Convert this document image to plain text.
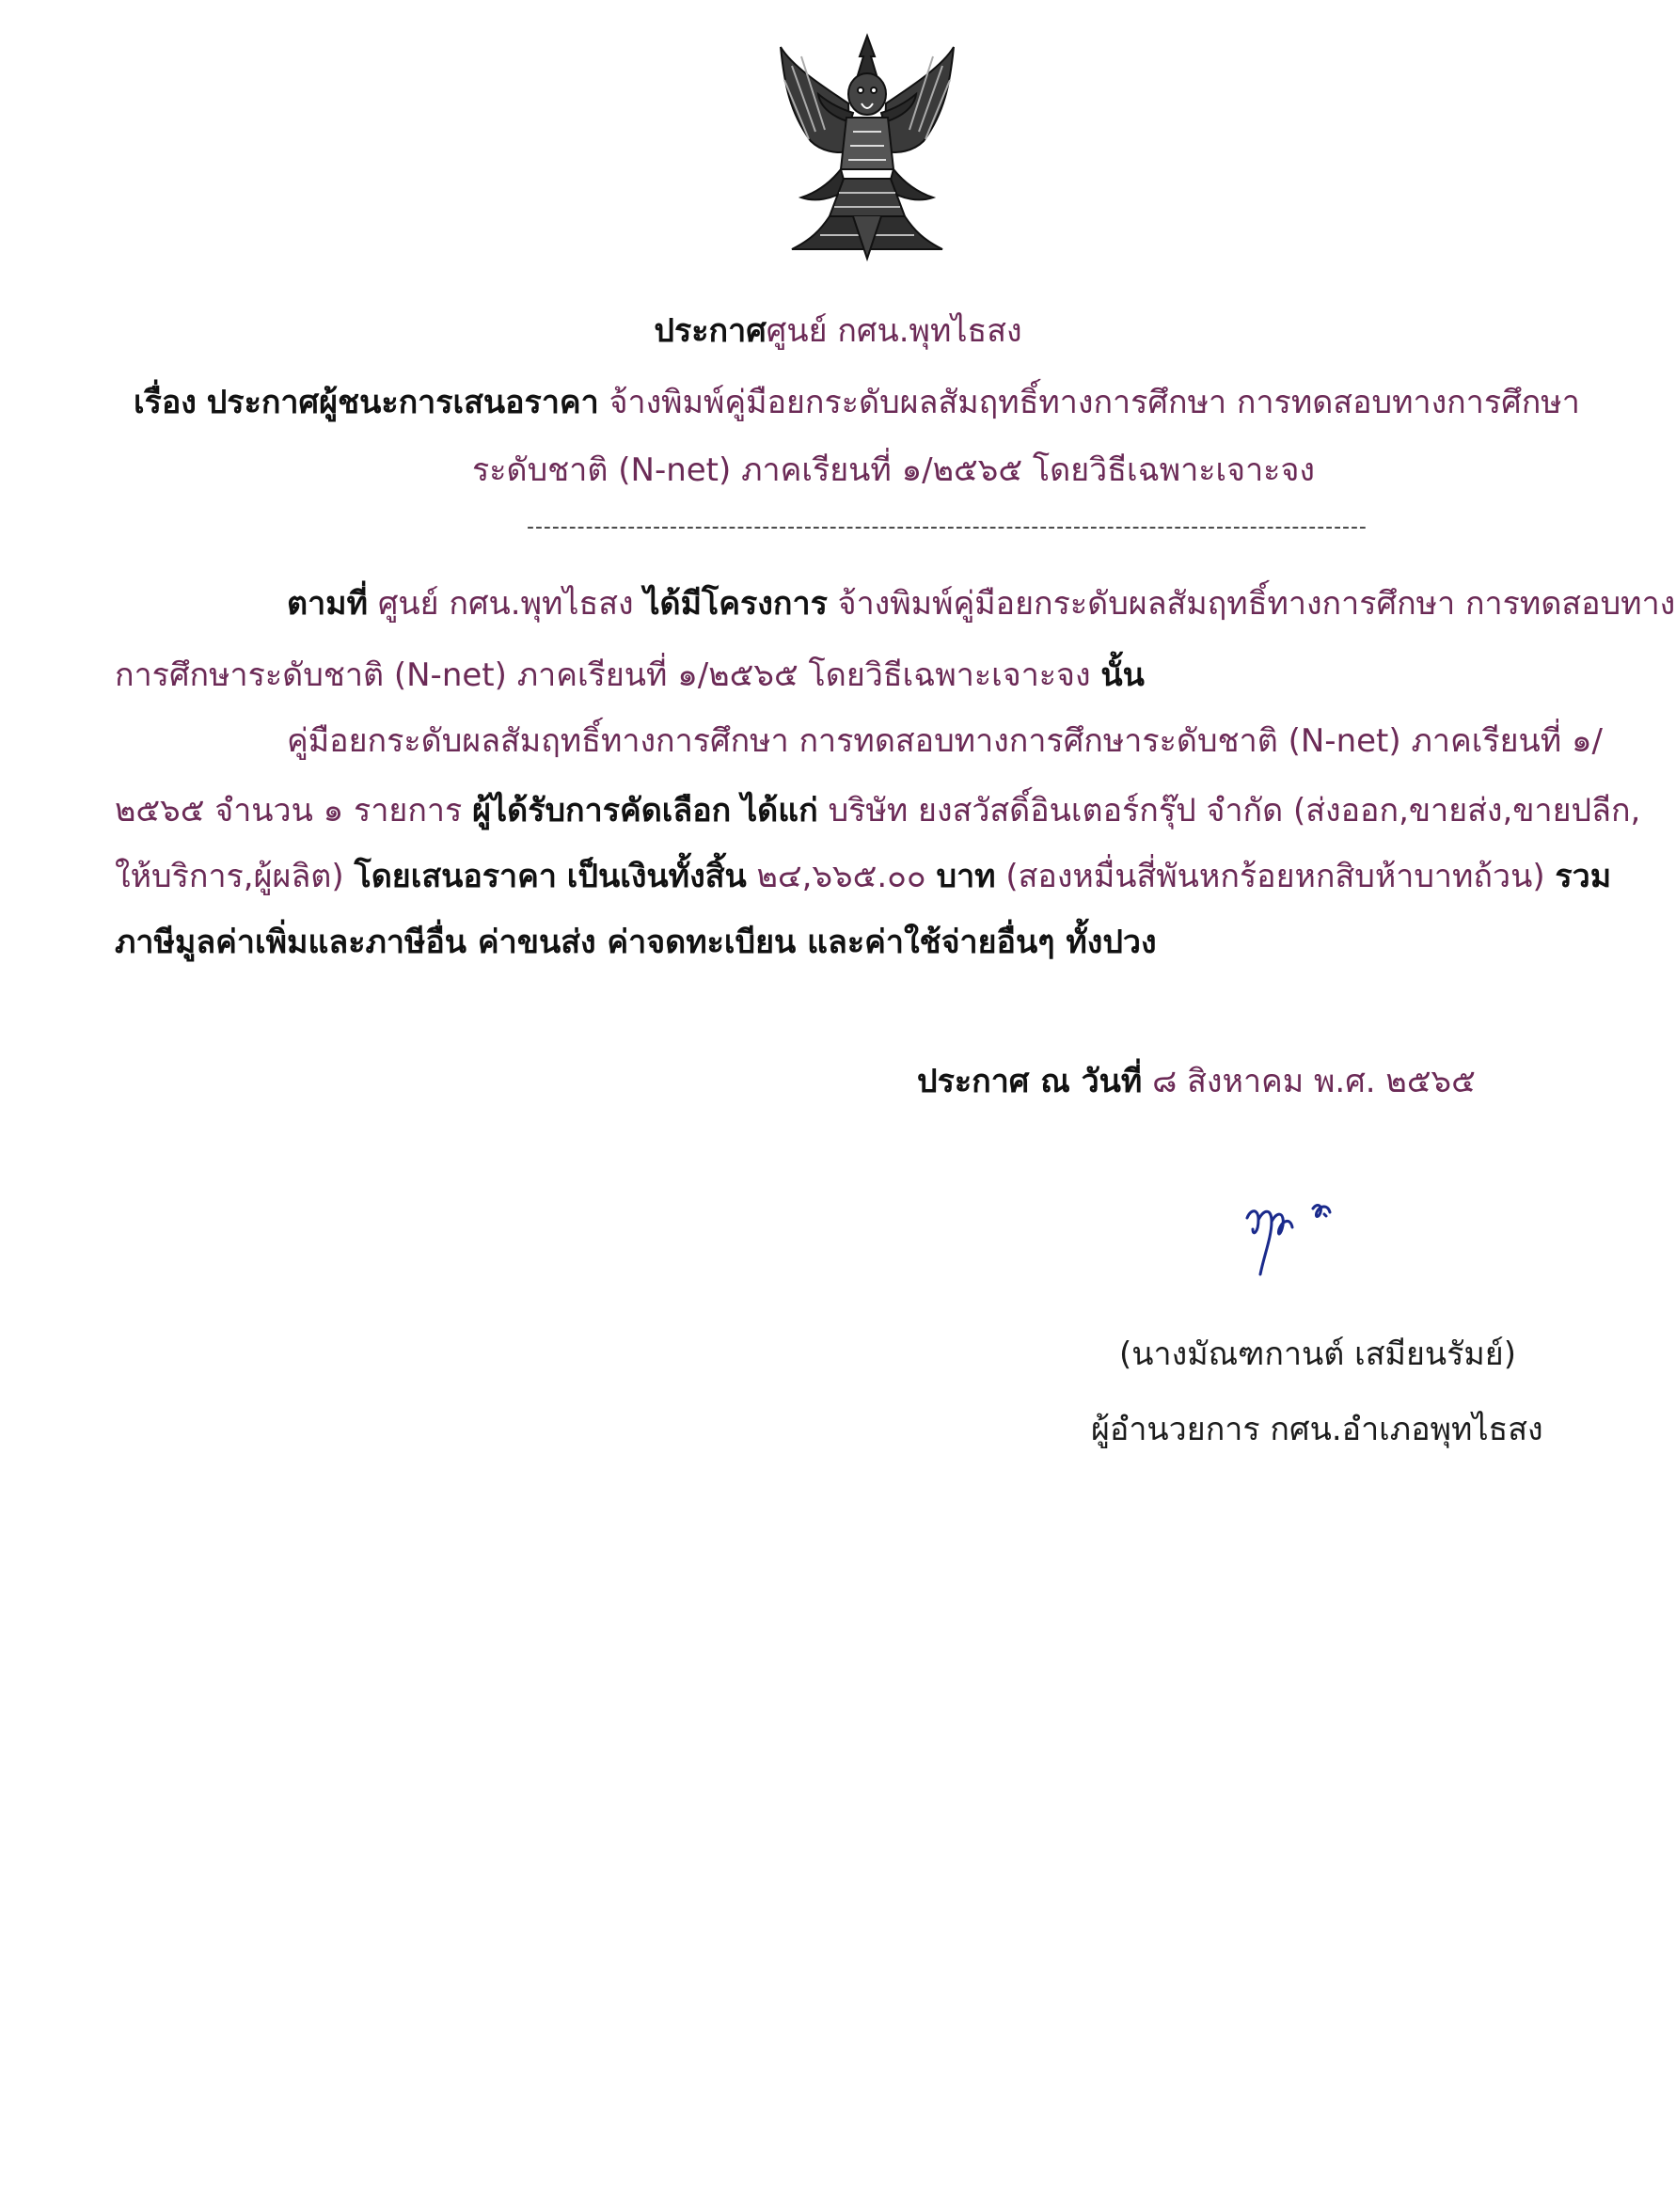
ประกาศศูนย์ กศน.พุทไธสง
เรื่อง ประกาศผู้ชนะการเสนอราคา จ้างพิมพ์คู่มือยกระดับผลสัมฤทธิ์ทางการศึกษา การทดสอบทางการศึกษา
ระดับชาติ (N-net) ภาคเรียนที่ ๑/๒๕๖๕ โดยวิธีเฉพาะเจาะจง
----------------------------------------------------------------------------------------------------
ตามที่ ศูนย์ กศน.พุทไธสง ได้มีโครงการ จ้างพิมพ์คู่มือยกระดับผลสัมฤทธิ์ทางการศึกษา การทดสอบทาง
การศึกษาระดับชาติ (N-net) ภาคเรียนที่ ๑/๒๕๖๕ โดยวิธีเฉพาะเจาะจง นั้น
คู่มือยกระดับผลสัมฤทธิ์ทางการศึกษา การทดสอบทางการศึกษาระดับชาติ (N-net) ภาคเรียนที่ ๑/
๒๕๖๕ จำนวน ๑ รายการ ผู้ได้รับการคัดเลือก ได้แก่ บริษัท ยงสวัสดิ์อินเตอร์กรุ๊ป จำกัด (ส่งออก,ขายส่ง,ขายปลีก,
ให้บริการ,ผู้ผลิต) โดยเสนอราคา เป็นเงินทั้งสิ้น ๒๔,๖๖๕.๐๐ บาท (สองหมื่นสี่พันหกร้อยหกสิบห้าบาทถ้วน) รวม
ภาษีมูลค่าเพิ่มและภาษีอื่น ค่าขนส่ง ค่าจดทะเบียน และค่าใช้จ่ายอื่นๆ ทั้งปวง
ประกาศ ณ วันที่ ๘ สิงหาคม พ.ศ. ๒๕๖๕
(นางมัณฑกานต์ เสมียนรัมย์)
ผู้อำนวยการ กศน.อำเภอพุทไธสง
